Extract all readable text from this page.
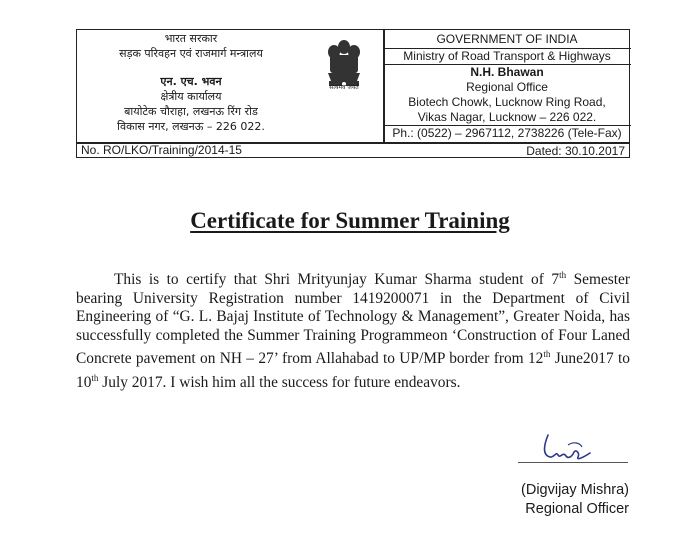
भारत सरकार
सड़क परिवहन एवं राजमार्ग मन्त्रालय
एन. एच. भवन
क्षेत्रीय कार्यालय
बायोटेक चौराहा, लखनऊ रिंग रोड
विकास नगर, लखनऊ – 226 022.
सत्यमेव जयते
GOVERNMENT OF INDIA
Ministry of Road Transport & Highways
N.H. Bhawan
Regional Office
Biotech Chowk, Lucknow Ring Road,
Vikas Nagar, Lucknow – 226 022.
Ph.: (0522) – 2967112, 2738226 (Tele-Fax)
No. RO/LKO/Training/2014-15	Dated: 30.10.2017
Certificate for Summer Training
This is to certify that Shri Mrityunjay Kumar Sharma student of 7th Semester bearing University Registration number 1419200071 in the Department of Civil Engineering of “G. L. Bajaj Institute of Technology & Management”, Greater Noida, has successfully completed the Summer Training Programmeon ‘Construction of Four Laned Concrete pavement on NH – 27’ from Allahabad to UP/MP border from 12th June2017 to 10th July 2017. I wish him all the success for future endeavors.
(Digvijay Mishra)
Regional Officer
